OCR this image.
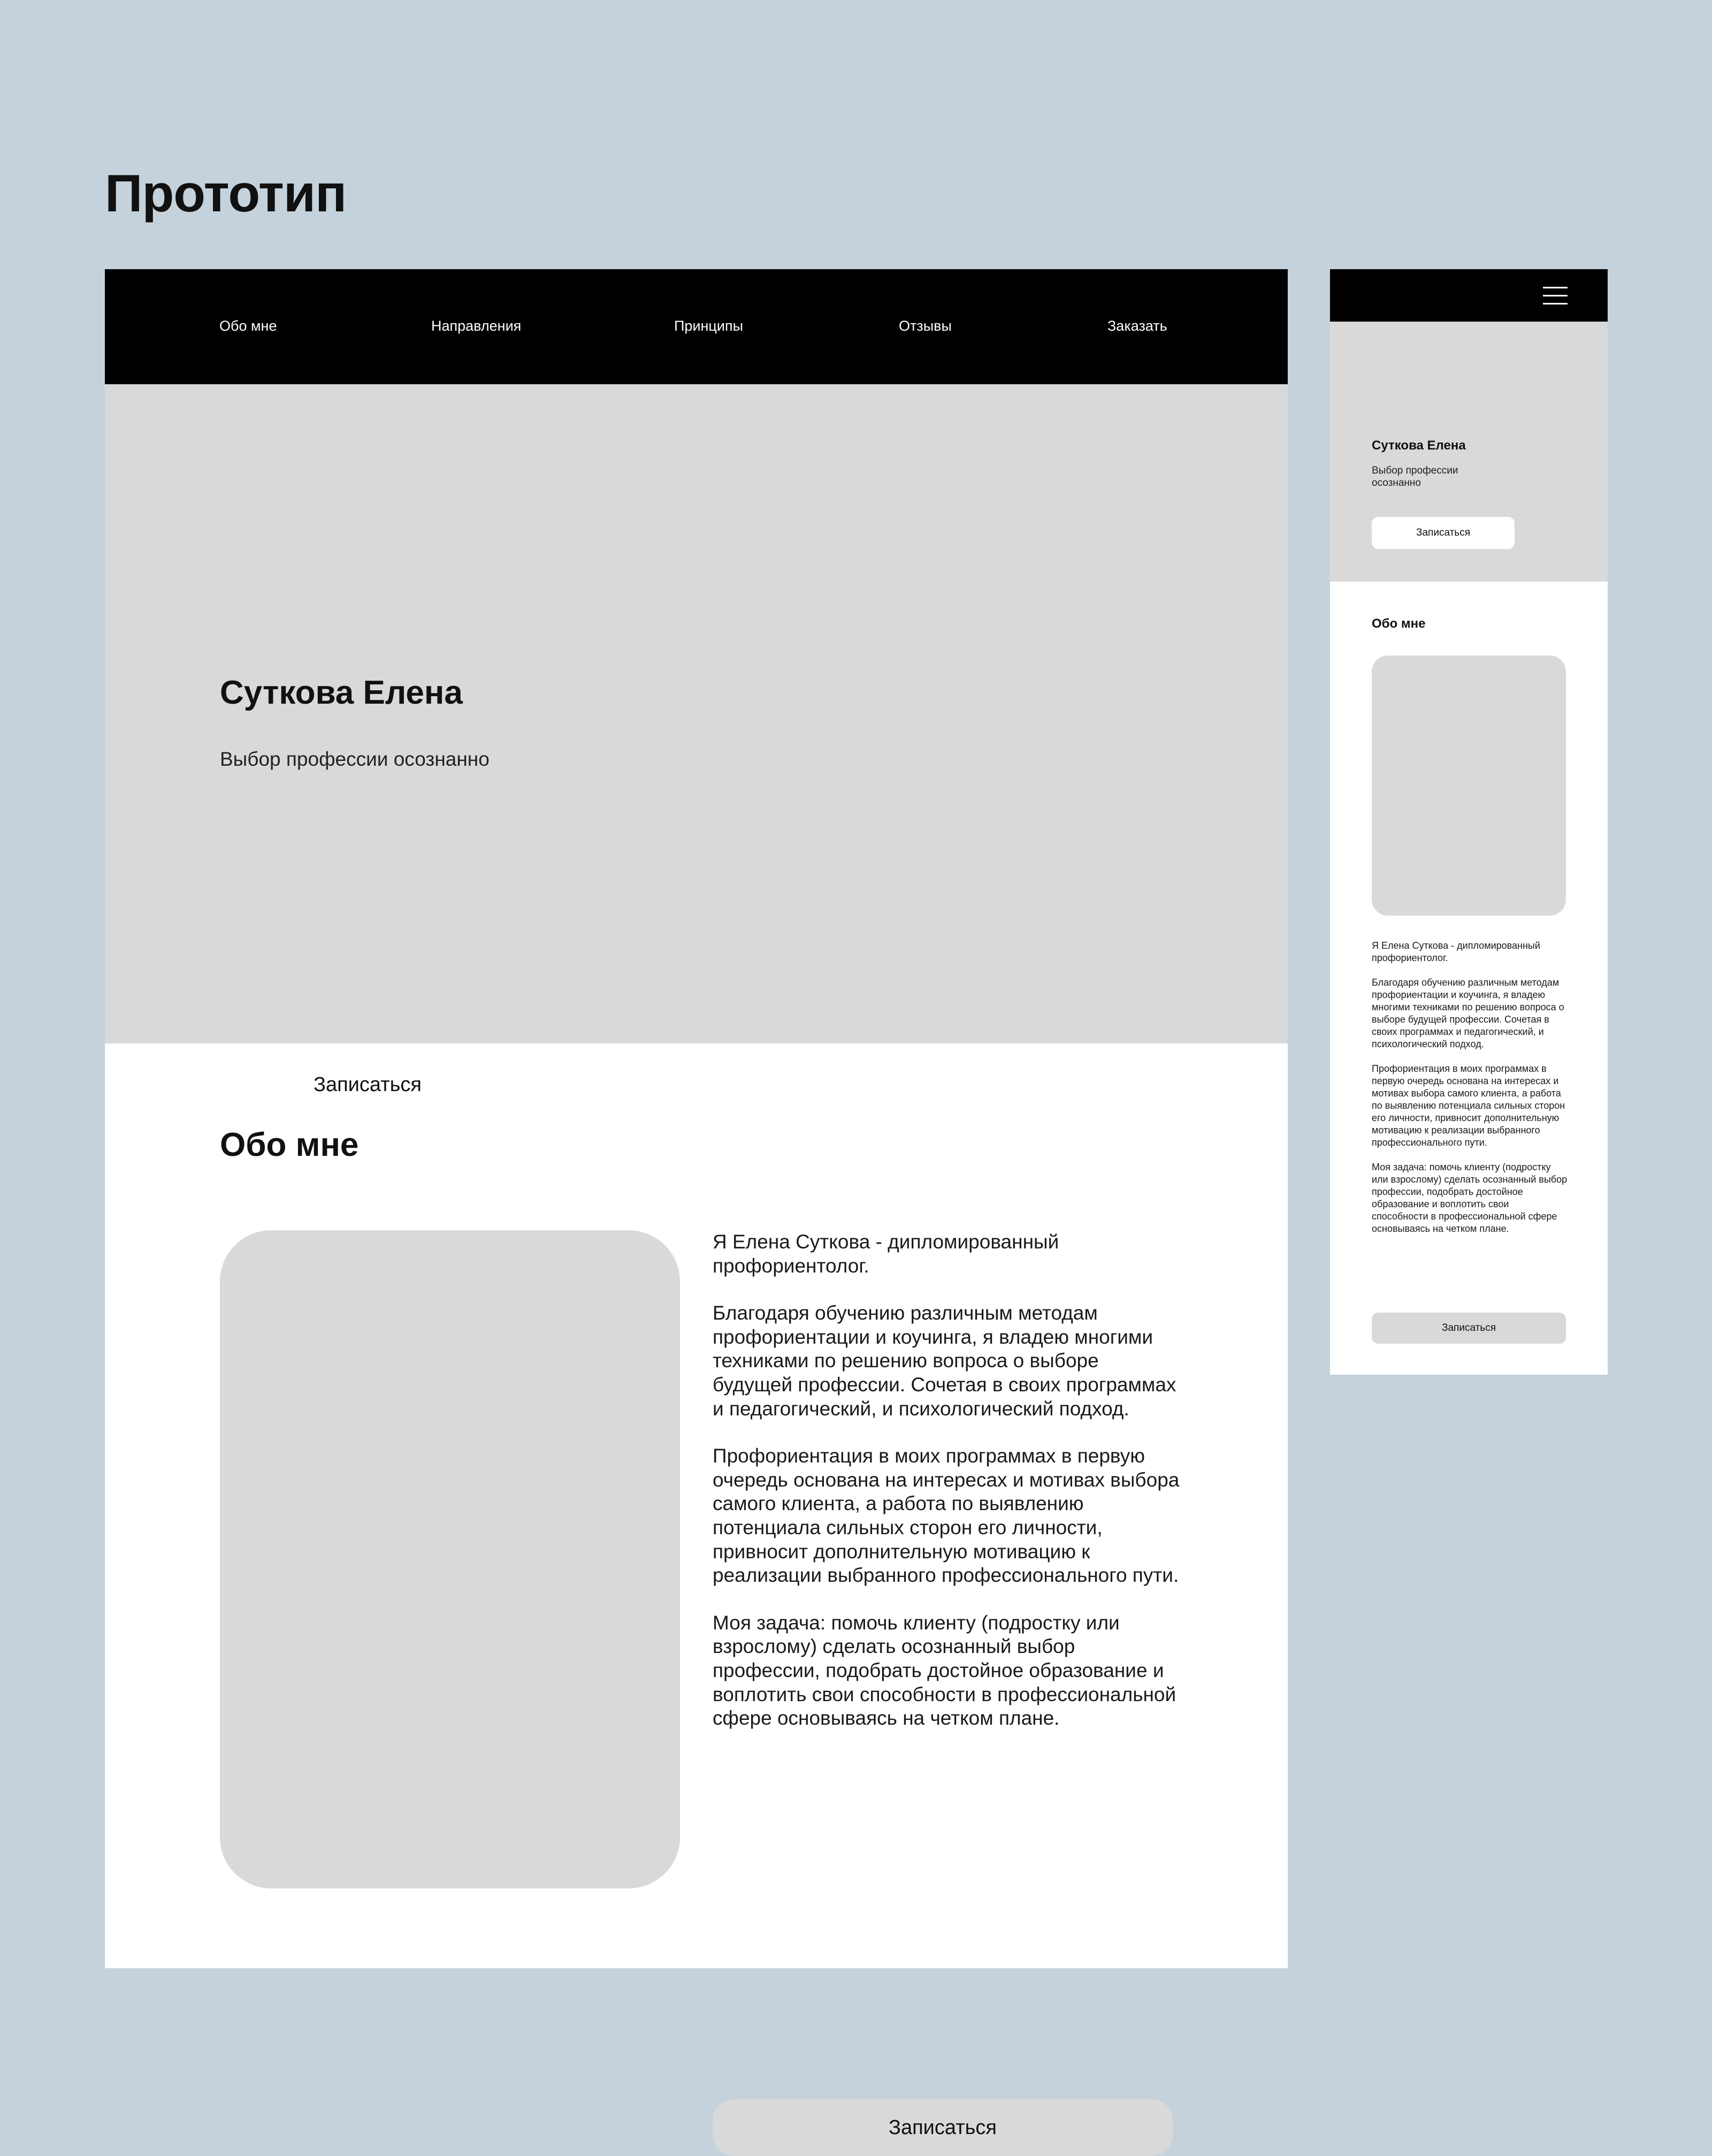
Прототип
Обо мне	Направления	Принципы	Отзывы	Заказать
Суткова Елена

Выбор профессии осознанно

Записаться
Обо мне

Я Елена Суткова - дипломированный профориентолог.

Благодаря обучению различным методам профориентации и коучинга, я владею многими техниками по решению вопроса о выборе будущей профессии. Сочетая в своих программах и педагогический, и психологический подход.

Профориентация в моих программах в первую очередь основана на интересах и мотивах выбора самого клиента, а работа по выявлению потенциала сильных сторон его личности, привносит дополнительную мотивацию к реализации выбранного профессионального пути.

Моя задача: помочь клиенту (подростку или взрослому) сделать осознанный выбор профессии, подобрать достойное образование и воплотить свои способности в профессиональной сфере основываясь на четком плане.

Записаться
Суткова Елена

Выбор профессии осознанно

Записаться
Обо мне

Я Елена Суткова - дипломированный профориентолог.

Благодаря обучению различным методам профориентации и коучинга, я владею многими техниками по решению вопроса о выборе будущей профессии. Сочетая в своих программах и педагогический, и психологический подход.

Профориентация в моих программах в первую очередь основана на интересах и мотивах выбора самого клиента, а работа по выявлению потенциала сильных сторон его личности, привносит дополнительную мотивацию к реализации выбранного профессионального пути.

Моя задача: помочь клиенту (подростку или взрослому) сделать осознанный выбор профессии, подобрать достойное образование и воплотить свои способности в профессиональной сфере основываясь на четком плане.

Записаться
